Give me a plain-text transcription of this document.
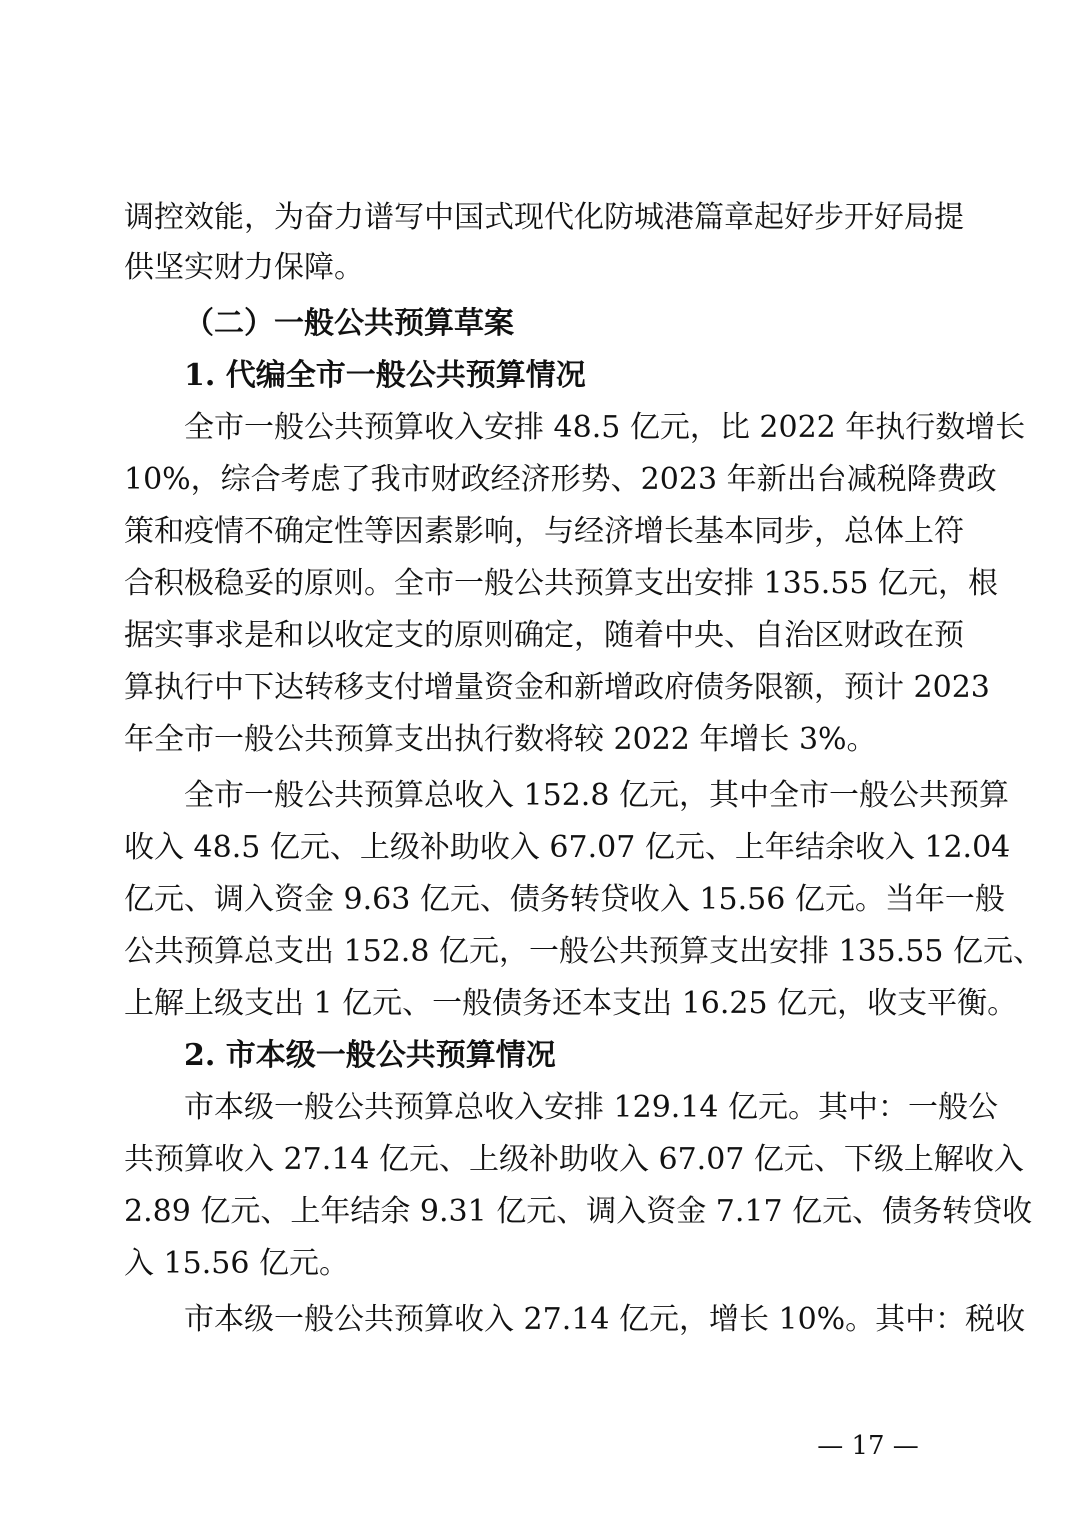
调控效能，为奋力谱写中国式现代化防城港篇章起好步开好局提
供坚实财力保障。
（二）一般公共预算草案
1. 代编全市一般公共预算情况
全市一般公共预算收入安排 48.5 亿元，比 2022 年执行数增长
10%，综合考虑了我市财政经济形势、2023 年新出台减税降费政
策和疫情不确定性等因素影响，与经济增长基本同步，总体上符
合积极稳妥的原则。全市一般公共预算支出安排 135.55 亿元，根
据实事求是和以收定支的原则确定，随着中央、自治区财政在预
算执行中下达转移支付增量资金和新增政府债务限额，预计 2023
年全市一般公共预算支出执行数将较 2022 年增长 3%。
全市一般公共预算总收入 152.8 亿元，其中全市一般公共预算
收入 48.5 亿元、上级补助收入 67.07 亿元、上年结余收入 12.04
亿元、调入资金 9.63 亿元、债务转贷收入 15.56 亿元。当年一般
公共预算总支出 152.8 亿元，一般公共预算支出安排 135.55 亿元、
上解上级支出 1 亿元、一般债务还本支出 16.25 亿元，收支平衡。
2. 市本级一般公共预算情况
市本级一般公共预算总收入安排 129.14 亿元。其中：一般公
共预算收入 27.14 亿元、上级补助收入 67.07 亿元、下级上解收入
2.89 亿元、上年结余 9.31 亿元、调入资金 7.17 亿元、债务转贷收
入 15.56 亿元。
市本级一般公共预算收入 27.14 亿元，增长 10%。其中：税收
— 17 —
